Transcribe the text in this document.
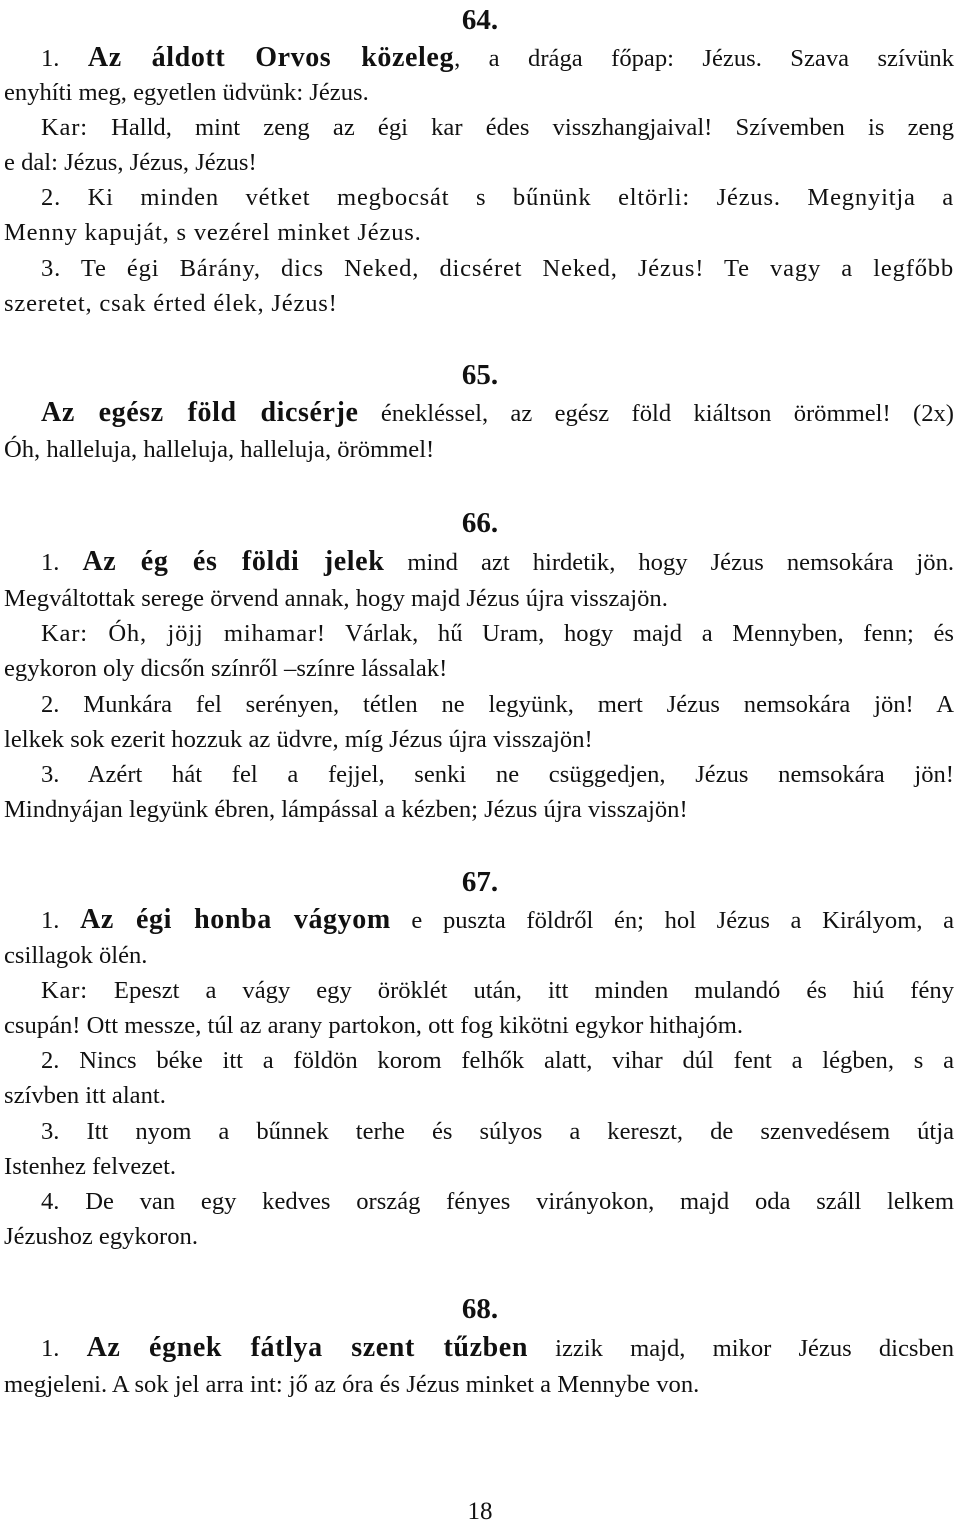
64.
1. Az áldott Orvos közeleg, a drága főpap: Jézus. Szava szívünk
enyhíti meg, egyetlen üdvünk: Jézus.
Kar: Halld, mint zeng az égi kar édes visszhangjaival! Szívemben is zeng
e dal: Jézus, Jézus, Jézus!
2. Ki minden vétket megbocsát s bűnünk eltörli: Jézus. Megnyitja a
Menny kapuját, s vezérel minket Jézus.
3. Te égi Bárány, dics Neked, dicséret Neked, Jézus! Te vagy a legfőbb
szeretet, csak érted élek, Jézus!
65.
Az egész föld dicsérje énekléssel, az egész föld kiáltson örömmel! (2x)
Óh, halleluja, halleluja, halleluja, örömmel!
66.
1. Az ég és földi jelek mind azt hirdetik, hogy Jézus nemsokára jön.
Megváltottak serege örvend annak, hogy majd Jézus újra visszajön.
Kar: Óh, jöjj mihamar! Várlak, hű Uram, hogy majd a Mennyben, fenn; és
egykoron oly dicsőn színről –színre lássalak!
2. Munkára fel serényen, tétlen ne legyünk, mert Jézus nemsokára jön! A
lelkek sok ezerit hozzuk az üdvre, míg Jézus újra visszajön!
3. Azért hát fel a fejjel, senki ne csüggedjen, Jézus nemsokára jön!
Mindnyájan legyünk ébren, lámpással a kézben; Jézus újra visszajön!
67.
1. Az égi honba vágyom e puszta földről én; hol Jézus a Királyom, a
csillagok ölén.
Kar: Epeszt a vágy egy öröklét után, itt minden mulandó és hiú fény
csupán! Ott messze, túl az arany partokon, ott fog kikötni egykor hithajóm.
2. Nincs béke itt a földön korom felhők alatt, vihar dúl fent a légben, s a
szívben itt alant.
3. Itt nyom a bűnnek terhe és súlyos a kereszt, de szenvedésem útja
Istenhez felvezet.
4. De van egy kedves ország fényes virányokon, majd oda száll lelkem
Jézushoz egykoron.
68.
1. Az égnek fátlya szent tűzben izzik majd, mikor Jézus dicsben
megjeleni. A sok jel arra int: jő az óra és Jézus minket a Mennybe von.
18
